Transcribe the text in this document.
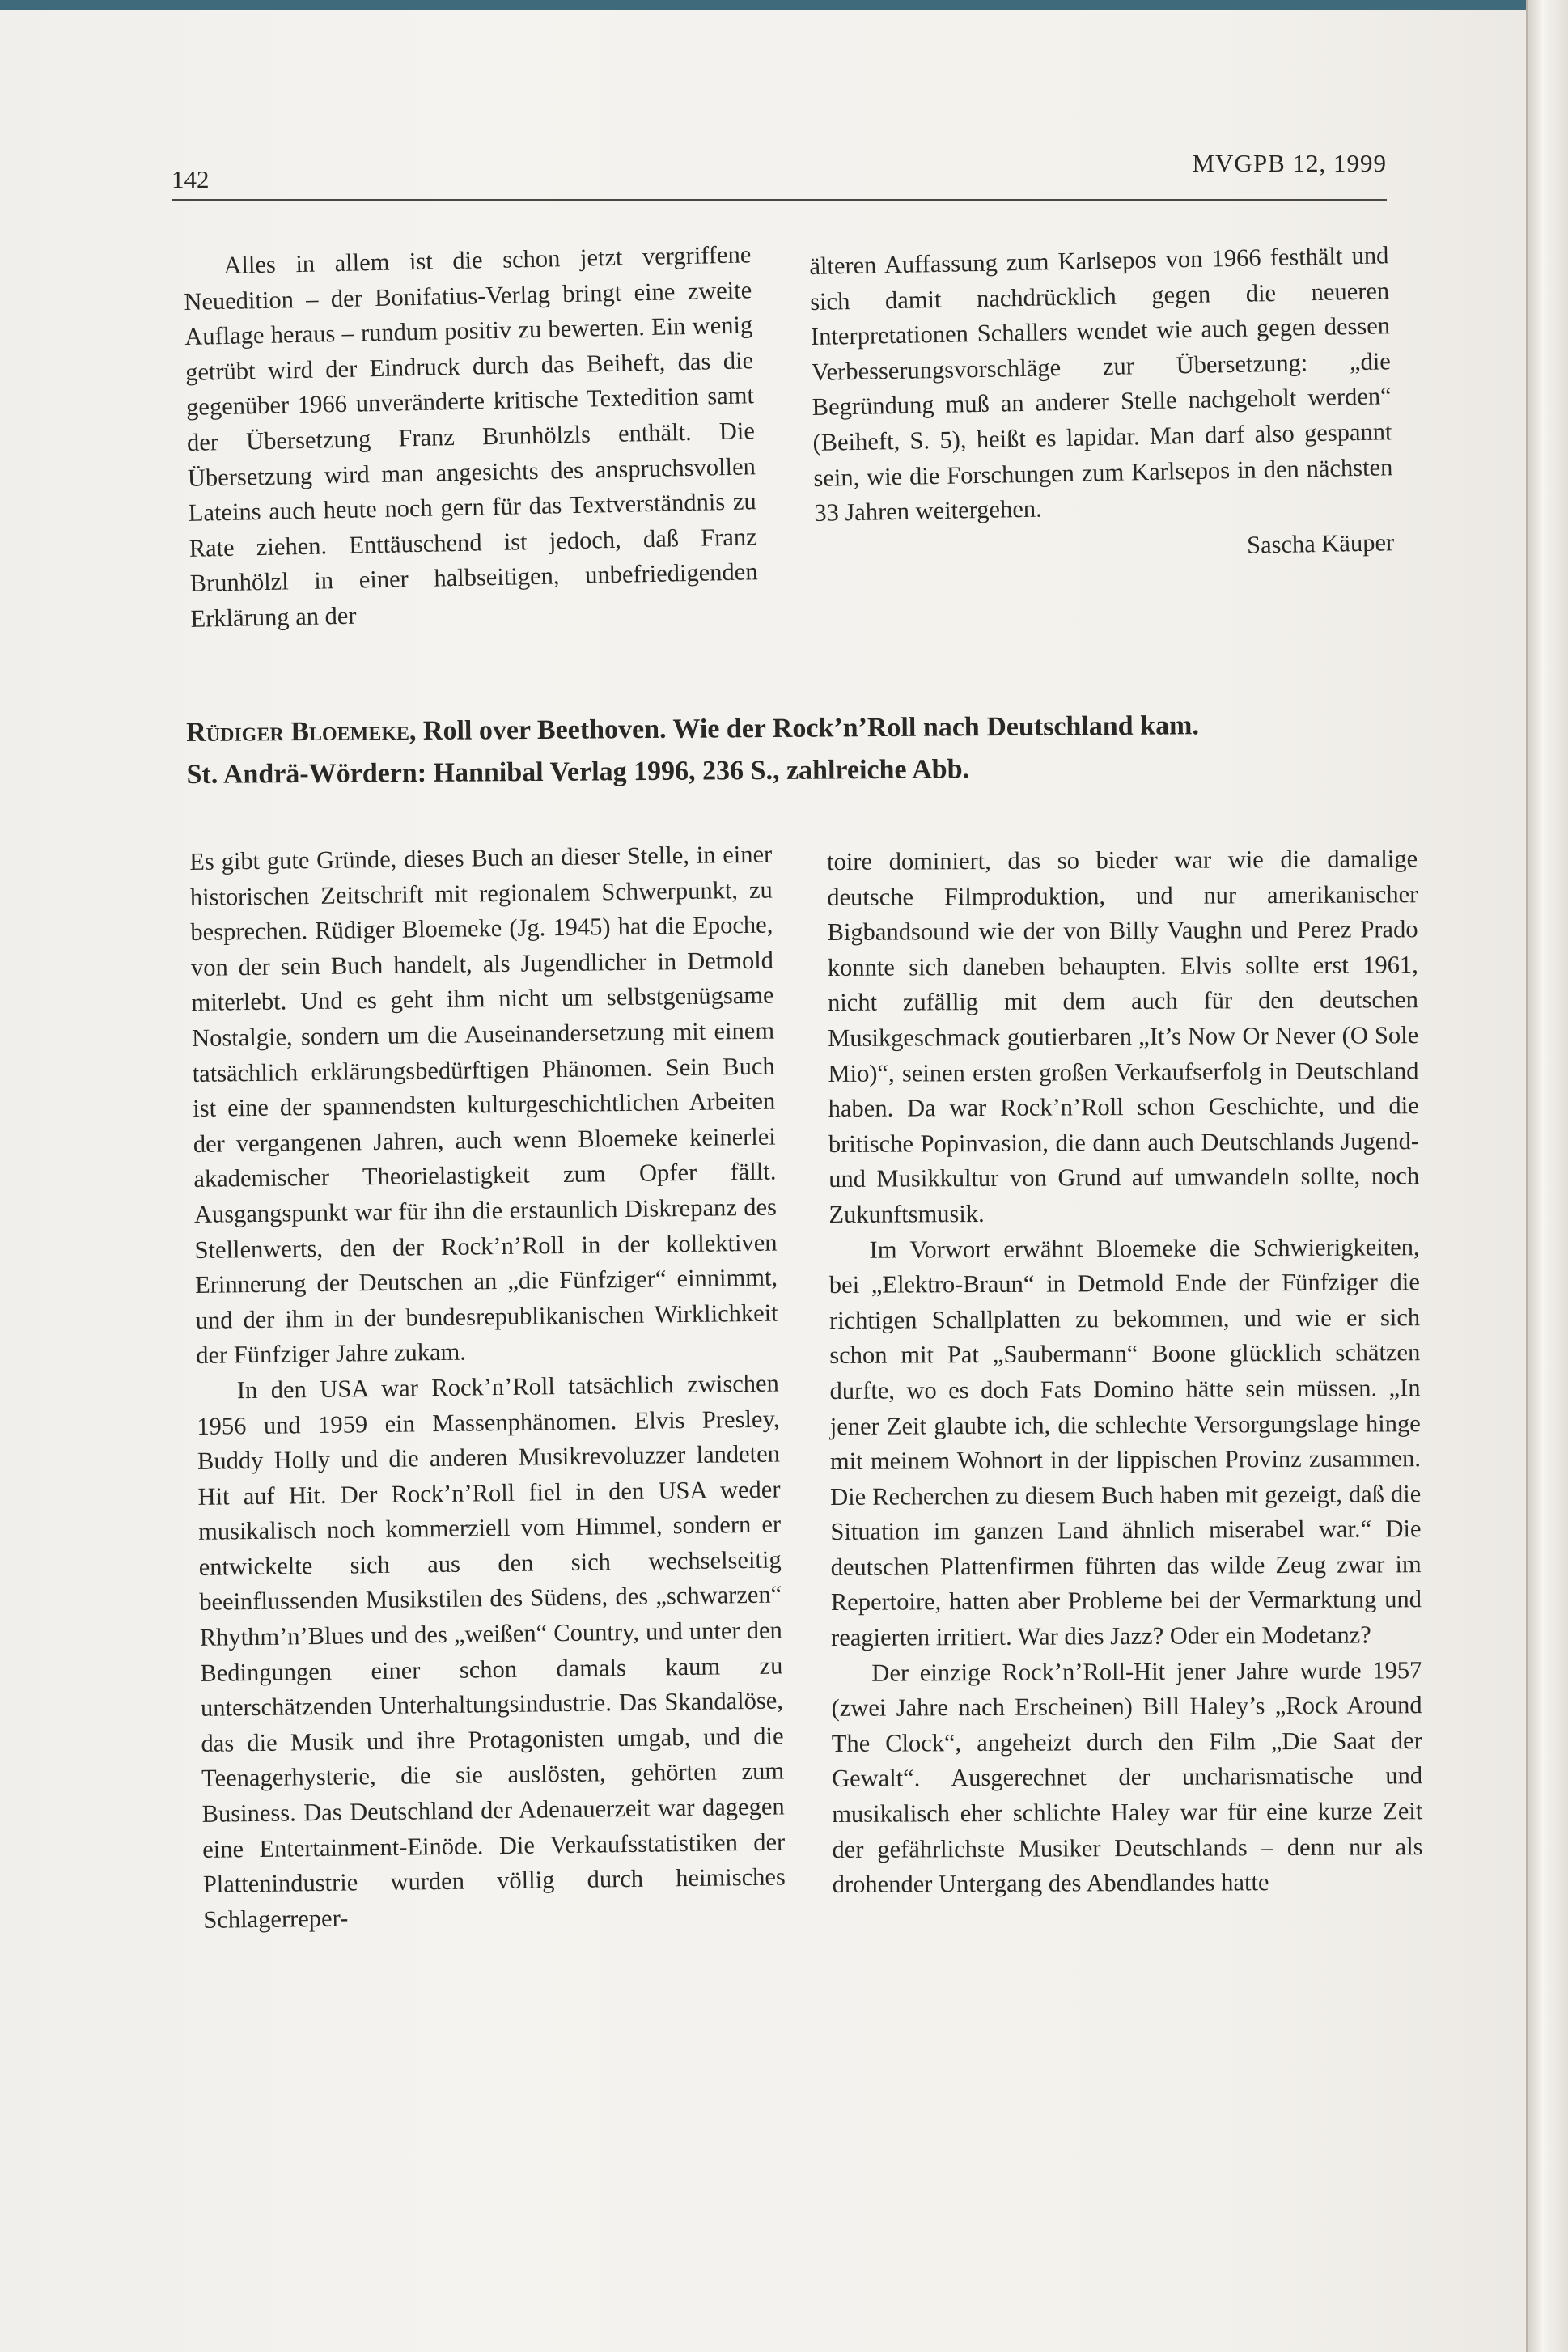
142
MVGPB 12, 1999

Alles in allem ist die schon jetzt vergriffene Neuedition – der Bonifatius-Verlag bringt eine zweite Auflage heraus – rundum positiv zu bewerten. Ein wenig getrübt wird der Eindruck durch das Beiheft, das die gegenüber 1966 unveränderte kritische Textedition samt der Übersetzung Franz Brunhölzls enthält. Die Übersetzung wird man angesichts des anspruchsvollen Lateins auch heute noch gern für das Textverständnis zu Rate ziehen. Enttäuschend ist jedoch, daß Franz Brunhölzl in einer halbseitigen, unbefriedigenden Erklärung an der

älteren Auffassung zum Karlsepos von 1966 festhält und sich damit nachdrücklich gegen die neueren Interpretationen Schallers wendet wie auch gegen dessen Verbesserungsvorschläge zur Übersetzung: „die Begründung muß an anderer Stelle nachgeholt werden“ (Beiheft, S. 5), heißt es lapidar. Man darf also gespannt sein, wie die Forschungen zum Karlsepos in den nächsten 33 Jahren weitergehen.

Sascha Käuper
Rüdiger Bloemeke, Roll over Beethoven. Wie der Rock’n’Roll nach Deutschland kam.
St. Andrä-Wördern: Hannibal Verlag 1996, 236 S., zahlreiche Abb.

Es gibt gute Gründe, dieses Buch an dieser Stelle, in einer historischen Zeitschrift mit regionalem Schwerpunkt, zu besprechen. Rüdiger Bloemeke (Jg. 1945) hat die Epoche, von der sein Buch handelt, als Jugendlicher in Detmold miterlebt. Und es geht ihm nicht um selbstgenügsame Nostalgie, sondern um die Auseinandersetzung mit einem tatsächlich erklärungsbedürftigen Phänomen. Sein Buch ist eine der spannendsten kulturgeschichtlichen Arbeiten der vergangenen Jahren, auch wenn Bloemeke keinerlei akademischer Theorielastigkeit zum Opfer fällt. Ausgangspunkt war für ihn die erstaunlich Diskrepanz des Stellenwerts, den der Rock’n’Roll in der kollektiven Erinnerung der Deutschen an „die Fünfziger“ einnimmt, und der ihm in der bundesrepublikanischen Wirklichkeit der Fünfziger Jahre zukam.

In den USA war Rock’n’Roll tatsächlich zwischen 1956 und 1959 ein Massenphänomen. Elvis Presley, Buddy Holly und die anderen Musikrevoluzzer landeten Hit auf Hit. Der Rock’n’Roll fiel in den USA weder musikalisch noch kommerziell vom Himmel, sondern er entwickelte sich aus den sich wechselseitig beeinflussenden Musikstilen des Südens, des „schwarzen“ Rhythm’n’Blues und des „weißen“ Country, und unter den Bedingungen einer schon damals kaum zu unterschätzenden Unterhaltungsindustrie. Das Skandalöse, das die Musik und ihre Protagonisten umgab, und die Teenagerhysterie, die sie auslösten, gehörten zum Business. Das Deutschland der Adenauerzeit war dagegen eine Entertainment-Einöde. Die Verkaufsstatistiken der Plattenindustrie wurden völlig durch heimisches Schlagerreper-

toire dominiert, das so bieder war wie die damalige deutsche Filmproduktion, und nur amerikanischer Bigbandsound wie der von Billy Vaughn und Perez Prado konnte sich daneben behaupten. Elvis sollte erst 1961, nicht zufällig mit dem auch für den deutschen Musikgeschmack goutierbaren „It’s Now Or Never (O Sole Mio)“, seinen ersten großen Verkaufserfolg in Deutschland haben. Da war Rock’n’Roll schon Geschichte, und die britische Popinvasion, die dann auch Deutschlands Jugend- und Musikkultur von Grund auf umwandeln sollte, noch Zukunftsmusik.

Im Vorwort erwähnt Bloemeke die Schwierigkeiten, bei „Elektro-Braun“ in Detmold Ende der Fünfziger die richtigen Schallplatten zu bekommen, und wie er sich schon mit Pat „Saubermann“ Boone glücklich schätzen durfte, wo es doch Fats Domino hätte sein müssen. „In jener Zeit glaubte ich, die schlechte Versorgungslage hinge mit meinem Wohnort in der lippischen Provinz zusammen. Die Recherchen zu diesem Buch haben mit gezeigt, daß die Situation im ganzen Land ähnlich miserabel war.“ Die deutschen Plattenfirmen führten das wilde Zeug zwar im Repertoire, hatten aber Probleme bei der Vermarktung und reagierten irritiert. War dies Jazz? Oder ein Modetanz?

Der einzige Rock’n’Roll-Hit jener Jahre wurde 1957 (zwei Jahre nach Erscheinen) Bill Haley’s „Rock Around The Clock“, angeheizt durch den Film „Die Saat der Gewalt“. Ausgerechnet der uncharismatische und musikalisch eher schlichte Haley war für eine kurze Zeit der gefährlichste Musiker Deutschlands – denn nur als drohender Untergang des Abendlandes hatte
